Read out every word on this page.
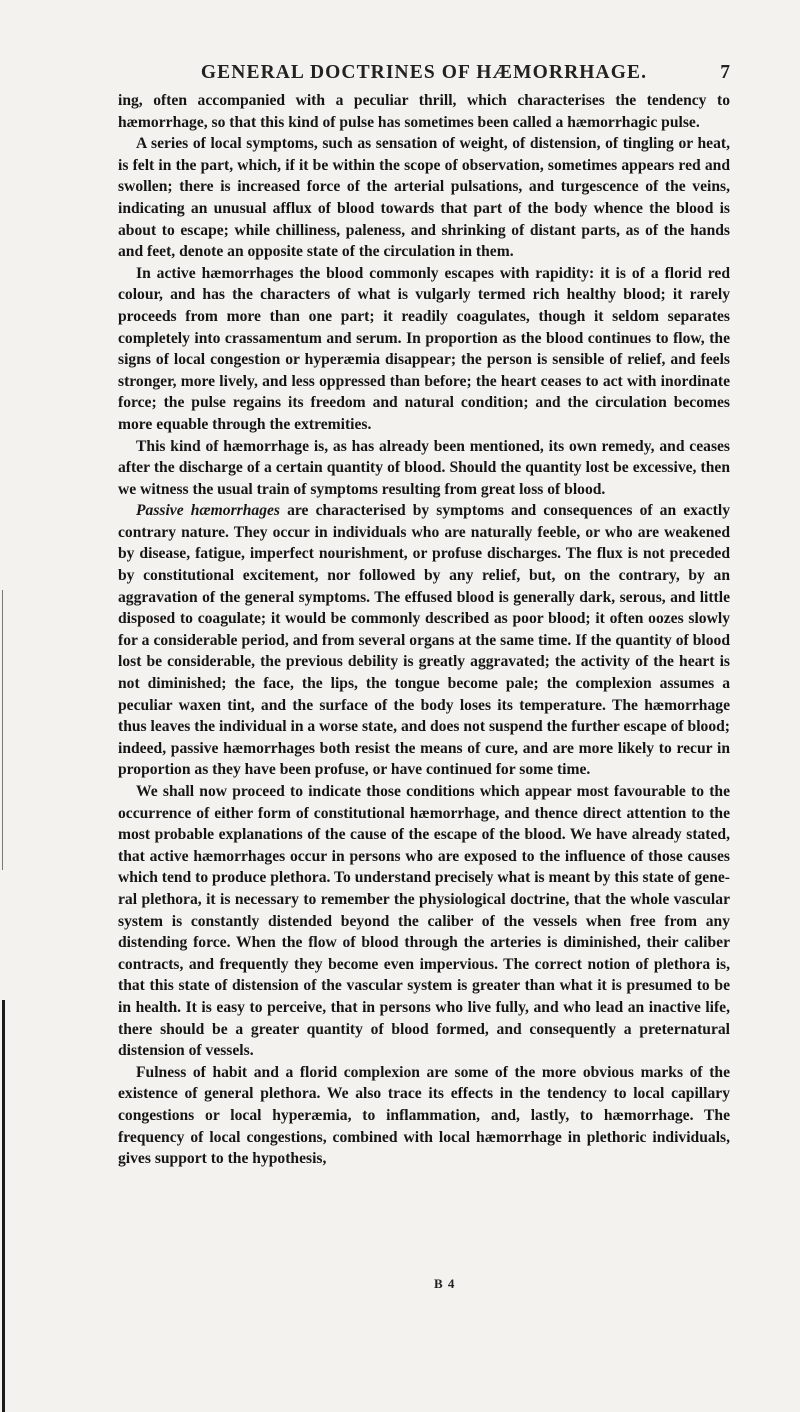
GENERAL DOCTRINES OF HÆMORRHAGE.	7

ing, often accompanied with a peculiar thrill, which characterises the tendency to hæmorrhage, so that this kind of pulse has sometimes been called a hæmorrhagic pulse.

A series of local symptoms, such as sensation of weight, of distension, of tingling or heat, is felt in the part, which, if it be within the scope of observation, sometimes appears red and swollen; there is increased force of the arterial pulsations, and turgescence of the veins, indicating an unusual afflux of blood towards that part of the body whence the blood is about to escape; while chilliness, paleness, and shrinking of distant parts, as of the hands and feet, denote an opposite state of the circulation in them.

In active hæmorrhages the blood commonly escapes with rapidity: it is of a florid red colour, and has the characters of what is vulgarly termed rich healthy blood; it rarely proceeds from more than one part; it readily coagulates, though it seldom separates completely into crassamentum and serum. In proportion as the blood continues to flow, the signs of local congestion or hyperæmia disappear; the person is sensible of relief, and feels stronger, more lively, and less oppressed than before; the heart ceases to act with inordinate force; the pulse regains its freedom and natural condition; and the circulation becomes more equable through the extremities.

This kind of hæmorrhage is, as has already been mentioned, its own remedy, and ceases after the discharge of a certain quantity of blood. Should the quantity lost be excessive, then we witness the usual train of symptoms resulting from great loss of blood.

Passive hæmorrhages are characterised by symptoms and consequences of an exactly contrary nature. They occur in individuals who are naturally feeble, or who are weakened by disease, fatigue, imperfect nourishment, or profuse discharges. The flux is not preceded by constitutional excitement, nor followed by any relief, but, on the contrary, by an aggravation of the general symptoms. The effused blood is generally dark, serous, and little disposed to coagulate; it would be commonly described as poor blood; it often oozes slowly for a considerable period, and from several organs at the same time. If the quantity of blood lost be considerable, the previous debility is greatly aggravated; the activity of the heart is not diminished; the face, the lips, the tongue become pale; the complexion assumes a peculiar waxen tint, and the surface of the body loses its temperature. The hæmorrhage thus leaves the individual in a worse state, and does not suspend the further escape of blood; indeed, passive hæmorrhages both resist the means of cure, and are more likely to recur in proportion as they have been profuse, or have continued for some time.

We shall now proceed to indicate those conditions which appear most favourable to the occurrence of either form of constitutional hæmorrhage, and thence direct attention to the most probable explanations of the cause of the escape of the blood. We have already stated, that active hæmorrhages occur in persons who are exposed to the influence of those causes which tend to produce plethora. To understand precisely what is meant by this state of general plethora, it is necessary to remember the physiological doctrine, that the whole vascular system is constantly distended beyond the caliber of the vessels when free from any distending force. When the flow of blood through the arteries is diminished, their caliber contracts, and frequently they become even impervious. The correct notion of plethora is, that this state of distension of the vascular system is greater than what it is presumed to be in health. It is easy to perceive, that in persons who live fully, and who lead an inactive life, there should be a greater quantity of blood formed, and consequently a preternatural distension of vessels.

Fulness of habit and a florid complexion are some of the more obvious marks of the existence of general plethora. We also trace its effects in the tendency to local capillary congestions or local hyperæmia, to inflammation, and, lastly, to hæmorrhage. The frequency of local congestions, combined with local hæmorrhage in plethoric individuals, gives support to the hypothesis,

B 4
